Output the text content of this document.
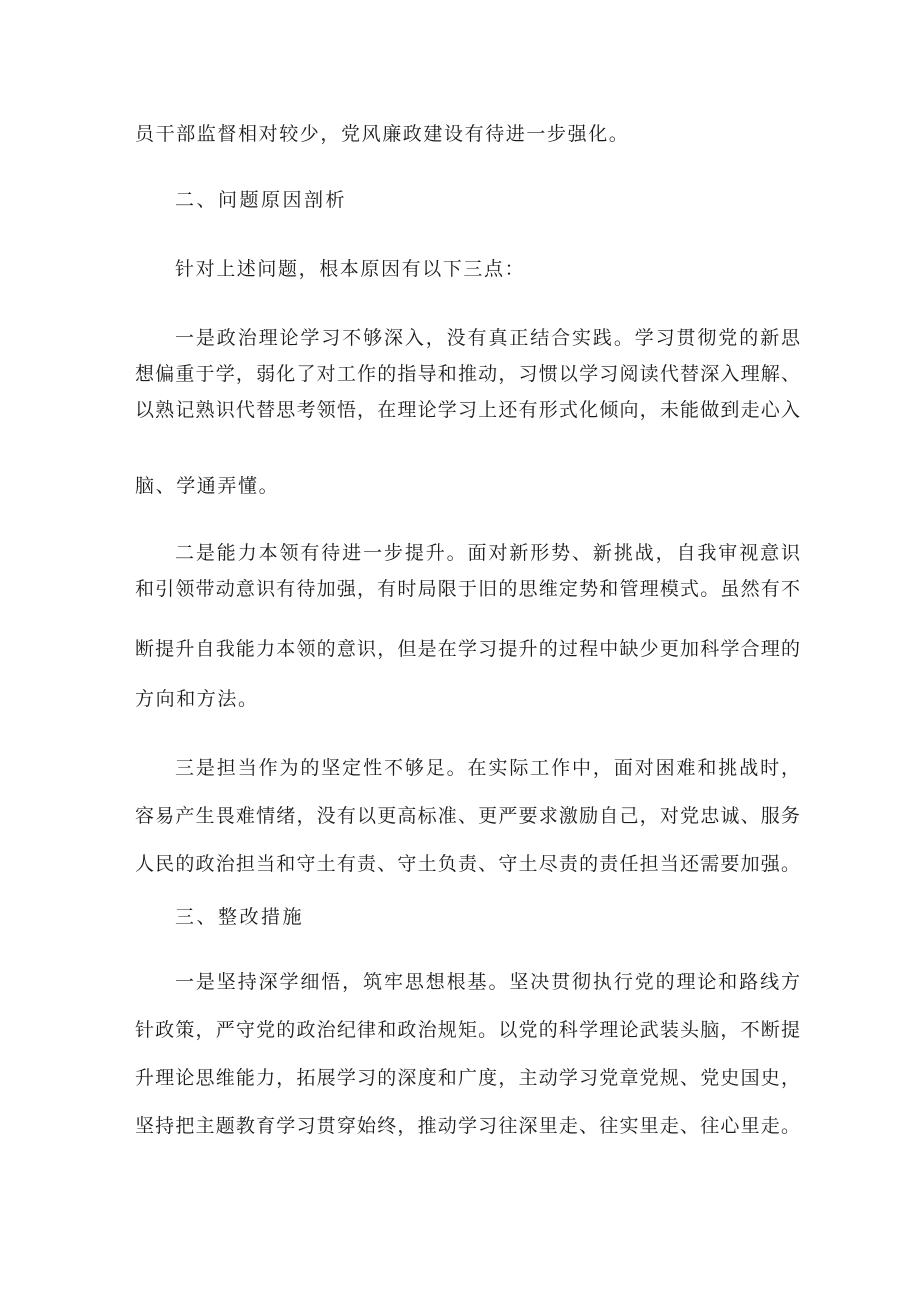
员干部监督相对较少，党风廉政建设有待进一步强化。
二、问题原因剖析
针对上述问题，根本原因有以下三点：
一是政治理论学习不够深入，没有真正结合实践。学习贯彻党的新思
想偏重于学，弱化了对工作的指导和推动，习惯以学习阅读代替深入理解、
以熟记熟识代替思考领悟，在理论学习上还有形式化倾向，未能做到走心入
脑、学通弄懂。
二是能力本领有待进一步提升。面对新形势、新挑战，自我审视意识
和引领带动意识有待加强，有时局限于旧的思维定势和管理模式。虽然有不
断提升自我能力本领的意识，但是在学习提升的过程中缺少更加科学合理的
方向和方法。
三是担当作为的坚定性不够足。在实际工作中，面对困难和挑战时，
容易产生畏难情绪，没有以更高标准、更严要求激励自己，对党忠诚、服务
人民的政治担当和守土有责、守土负责、守土尽责的责任担当还需要加强。
三、整改措施
一是坚持深学细悟，筑牢思想根基。坚决贯彻执行党的理论和路线方
针政策，严守党的政治纪律和政治规矩。以党的科学理论武装头脑，不断提
升理论思维能力，拓展学习的深度和广度，主动学习党章党规、党史国史，
坚持把主题教育学习贯穿始终，推动学习往深里走、往实里走、往心里走。
